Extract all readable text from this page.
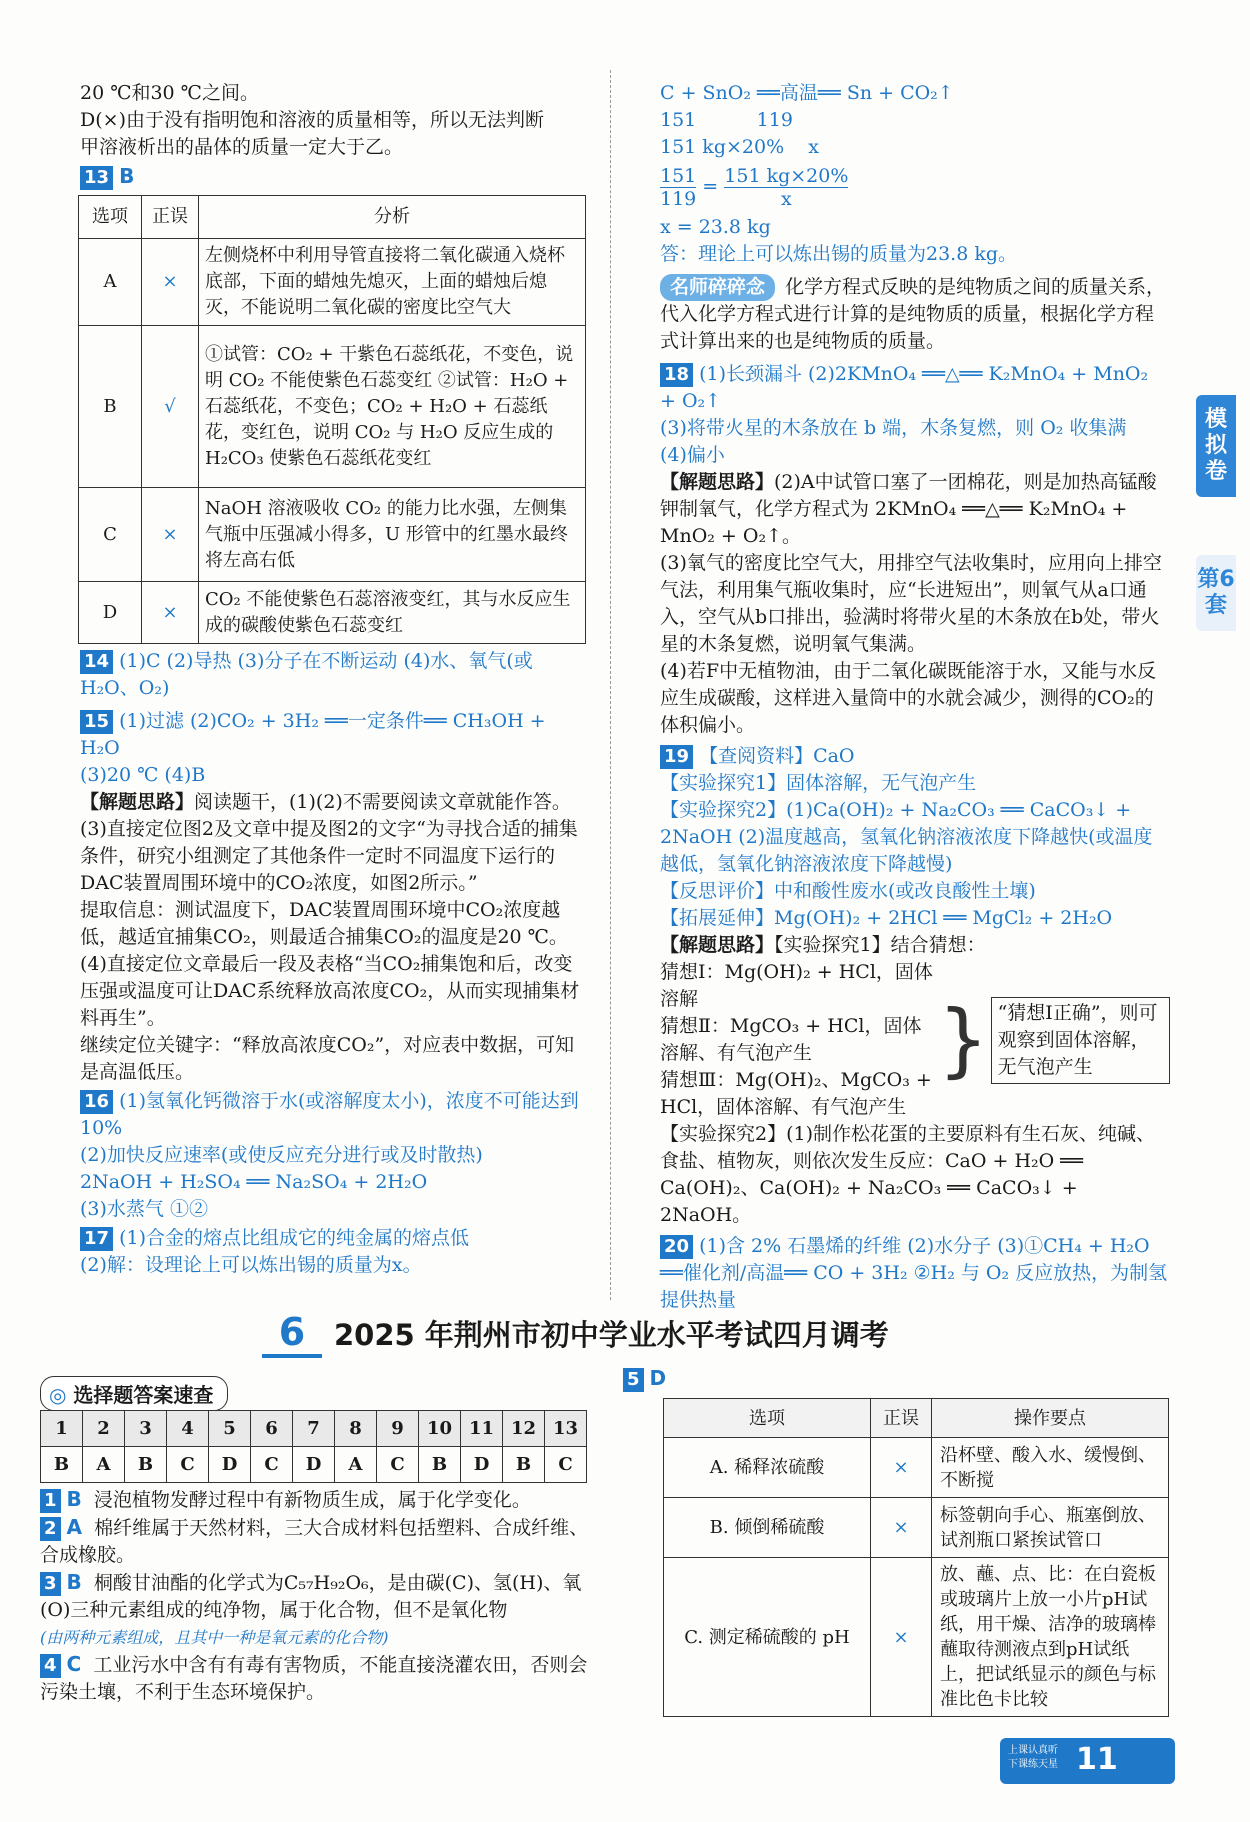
20 ℃和30 ℃之间。

D(×)由于没有指明饱和溶液的质量相等，所以无法判断

甲溶液析出的晶体的质量一定大于乙。

13 B

选项	正误	分析
A	×	左侧烧杯中利用导管直接将二氧化碳通入烧杯底部，下面的蜡烛先熄灭，上面的蜡烛后熄灭，不能说明二氧化碳的密度比空气大
B	√	①试管：CO₂ + 干紫色石蕊纸花，不变色，说明 CO₂ 不能使紫色石蕊变红 ②试管：H₂O + 石蕊纸花，不变色；CO₂ + H₂O + 石蕊纸花，变红色，说明 CO₂ 与 H₂O 反应生成的 H₂CO₃ 使紫色石蕊纸花变红
C	×	NaOH 溶液吸收 CO₂ 的能力比水强，左侧集气瓶中压强减小得多，U 形管中的红墨水最终将左高右低
D	×	CO₂ 不能使紫色石蕊溶液变红，其与水反应生成的碳酸使紫色石蕊变红

14 (1)C (2)导热 (3)分子在不断运动 (4)水、氧气(或H₂O、O₂)

15 (1)过滤 (2)CO₂ + 3H₂ ══一定条件══ CH₃OH + H₂O

(3)20 ℃ (4)B

【解题思路】阅读题干，(1)(2)不需要阅读文章就能作答。

(3)直接定位图2及文章中提及图2的文字“为寻找合适的捕集条件，研究小组测定了其他条件一定时不同温度下运行的DAC装置周围环境中的CO₂浓度，如图2所示。”

提取信息：测试温度下，DAC装置周围环境中CO₂浓度越低，越适宜捕集CO₂，则最适合捕集CO₂的温度是20 ℃。

(4)直接定位文章最后一段及表格“当CO₂捕集饱和后，改变压强或温度可让DAC系统释放高浓度CO₂，从而实现捕集材料再生”。

继续定位关键字：“释放高浓度CO₂”，对应表中数据，可知是高温低压。

16 (1)氢氧化钙微溶于水(或溶解度太小)，浓度不可能达到10%

(2)加快反应速率(或使反应充分进行或及时散热)

2NaOH + H₂SO₄ ══ Na₂SO₄ + 2H₂O

(3)水蒸气 ①②

17 (1)合金的熔点比组成它的纯金属的熔点低

(2)解：设理论上可以炼出锡的质量为x。

C + SnO₂ ══高温══ Sn + CO₂↑

151          119

151 kg×20%    x

$\frac{151}{119} = \frac{151 kg\times 20\%}{x}$

x = 23.8 kg

答：理论上可以炼出锡的质量为23.8 kg。

名师碎碎念 化学方程式反映的是纯物质之间的质量关系，代入化学方程式进行计算的是纯物质的质量，根据化学方程式计算出来的也是纯物质的质量。

18 (1)长颈漏斗 (2)2KMnO₄ ══△══ K₂MnO₄ + MnO₂ + O₂↑

(3)将带火星的木条放在 b 端，木条复燃，则 O₂ 收集满

(4)偏小

【解题思路】(2)A中试管口塞了一团棉花，则是加热高锰酸钾制氧气，化学方程式为 2KMnO₄ ══△══ K₂MnO₄ + MnO₂ + O₂↑。

(3)氧气的密度比空气大，用排空气法收集时，应用向上排空气法，利用集气瓶收集时，应“长进短出”，则氧气从a口通入，空气从b口排出，验满时将带火星的木条放在b处，带火星的木条复燃，说明氧气集满。

(4)若F中无植物油，由于二氧化碳既能溶于水，又能与水反应生成碳酸，这样进入量筒中的水就会减少，测得的CO₂的体积偏小。

19 【查阅资料】CaO

【实验探究1】固体溶解，无气泡产生

【实验探究2】(1)Ca(OH)₂ + Na₂CO₃ ══ CaCO₃↓ + 2NaOH (2)温度越高，氢氧化钠溶液浓度下降越快(或温度越低，氢氧化钠溶液浓度下降越慢)

【反思评价】中和酸性废水(或改良酸性土壤)

【拓展延伸】Mg(OH)₂ + 2HCl ══ MgCl₂ + 2H₂O

【解题思路】【实验探究1】结合猜想：

猜想Ⅰ：Mg(OH)₂ + HCl，固体溶解

猜想Ⅱ：MgCO₃ + HCl，固体溶解、有气泡产生

猜想Ⅲ：Mg(OH)₂、MgCO₃ + HCl，固体溶解、有气泡产生

} “猜想Ⅰ正确”，则可观察到固体溶解，无气泡产生

【实验探究2】(1)制作松花蛋的主要原料有生石灰、纯碱、食盐、植物灰，则依次发生反应：CaO + H₂O ══ Ca(OH)₂、Ca(OH)₂ + Na₂CO₃ ══ CaCO₃↓ + 2NaOH。

20 (1)含 2% 石墨烯的纤维 (2)水分子 (3)①CH₄ + H₂O ══催化剂/高温══ CO + 3H₂ ②H₂ 与 O₂ 反应放热，为制氢提供热量

模拟卷
第6套
6 2025 年荆州市初中学业水平考试四月调考
◎ 选择题答案速查
1	2	3	4	5	6	7	8	9	10	11	12	13
B	A	B	C	D	C	D	A	C	B	D	B	C

1 B 浸泡植物发酵过程中有新物质生成，属于化学变化。

2 A 棉纤维属于天然材料，三大合成材料包括塑料、合成纤维、合成橡胶。

3 B 桐酸甘油酯的化学式为C₅₇H₉₂O₆，是由碳(C)、氢(H)、氧(O)三种元素组成的纯净物，属于化合物，但不是氧化物

(由两种元素组成，且其中一种是氧元素的化合物)

4 C 工业污水中含有有毒有害物质，不能直接浇灌农田，否则会污染土壤，不利于生态环境保护。

5 D
选项	正误	操作要点
A. 稀释浓硫酸	×	沿杯壁、酸入水、缓慢倒、不断搅
B. 倾倒稀硫酸	×	标签朝向手心、瓶塞倒放、试剂瓶口紧挨试管口
C. 测定稀硫酸的 pH	×	放、蘸、点、比：在白瓷板或玻璃片上放一小片pH试纸，用干燥、洁净的玻璃棒蘸取待测液点到pH试纸上，把试纸显示的颜色与标准比色卡比较
上课认真听
下课练天星 11
